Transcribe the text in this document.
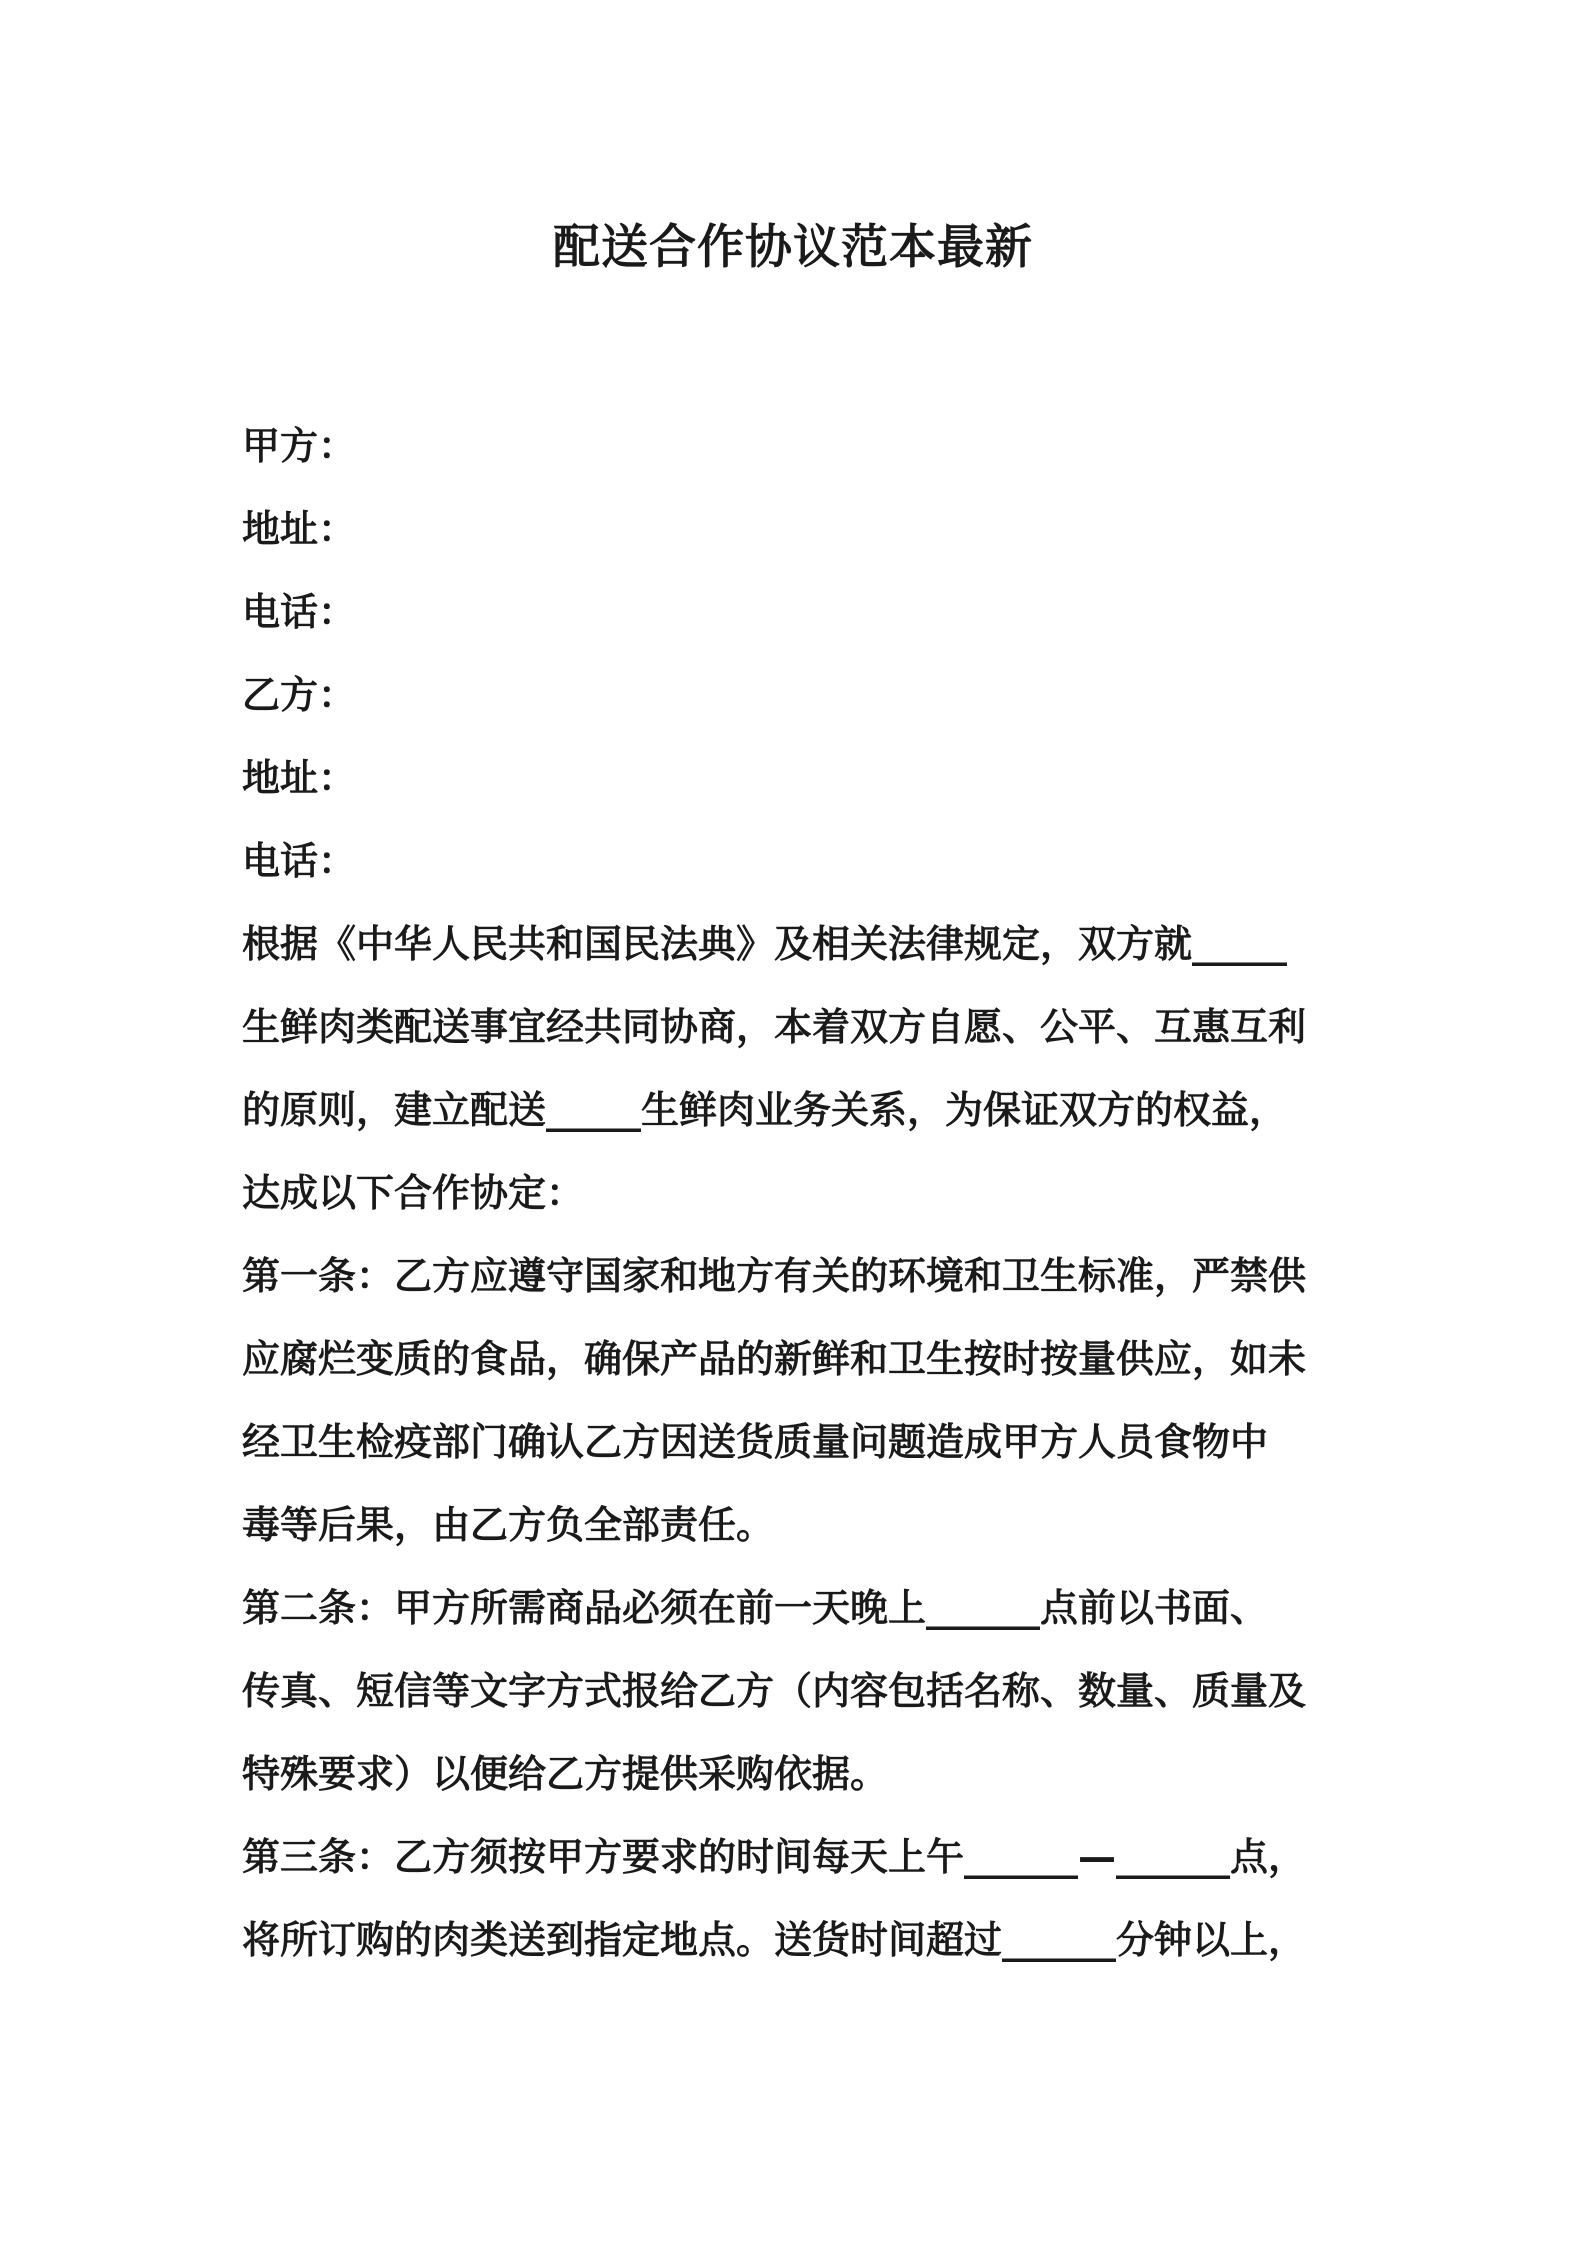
配送合作协议范本最新
甲方：
地址：
电话：
乙方：
地址：
电话：
根据《中华人民共和国民法典》及相关法律规定，双方就_____
生鲜肉类配送事宜经共同协商，本着双方自愿、公平、互惠互利
的原则，建立配送_____生鲜肉业务关系，为保证双方的权益，
达成以下合作协定：
第一条：乙方应遵守国家和地方有关的环境和卫生标准，严禁供
应腐烂变质的食品，确保产品的新鲜和卫生按时按量供应，如未
经卫生检疫部门确认乙方因送货质量问题造成甲方人员食物中
毒等后果，由乙方负全部责任。
第二条：甲方所需商品必须在前一天晚上______点前以书面、
传真、短信等文字方式报给乙方（内容包括名称、数量、质量及
特殊要求）以便给乙方提供采购依据。
第三条：乙方须按甲方要求的时间每天上午______—______点，
将所订购的肉类送到指定地点。送货时间超过______分钟以上，
